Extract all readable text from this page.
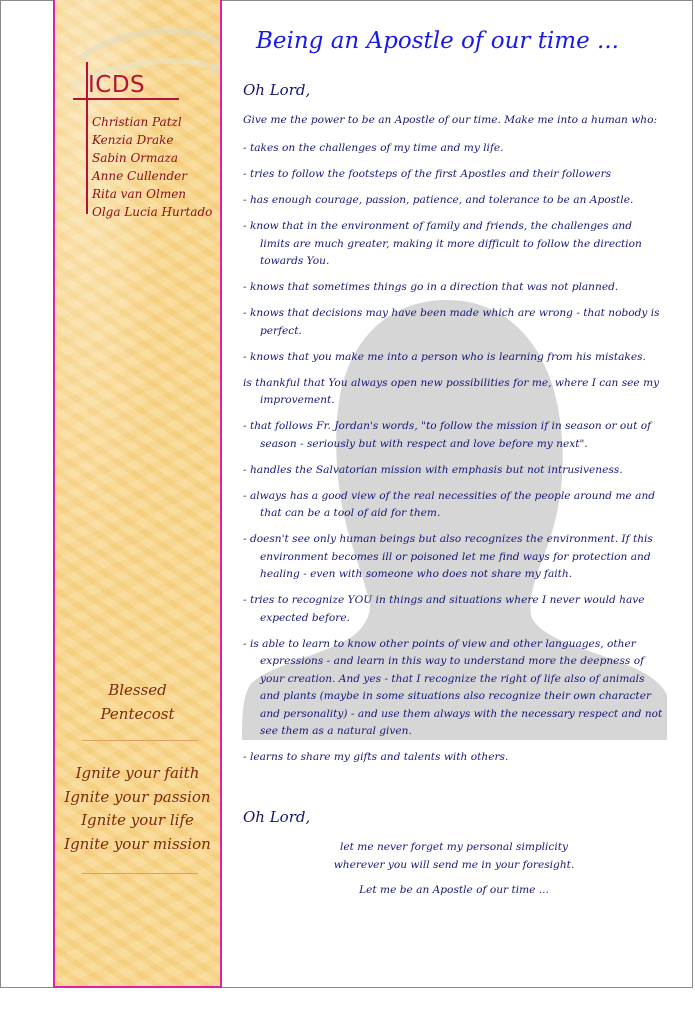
ICDS
Christian Patzl
Kenzia Drake
Sabin Ormaza
Anne Cullender
Rita van Olmen
Olga Lucia Hurtado
Blessed
Pentecost
Ignite your faith
Ignite your passion
Ignite your life
Ignite your mission
Being an Apostle of our time ...
Oh Lord,

Give me the power to be an Apostle of our time. Make me into a human who:

- takes on the challenges of my time and my life.
- tries to follow the footsteps of the first Apostles and their followers
- has enough courage, passion, patience, and tolerance to be an Apostle.
- know that in the environment of family and friends, the challenges and limits are much greater, making it more difficult to follow the direction towards You.
- knows that sometimes things go in a direction that was not planned.
- knows that decisions may have been made which are wrong - that nobody is perfect.
- knows that you make me into a person who is learning from his mistakes.
is thankful that You always open new possibilities for me, where I can see my improvement.
- that follows Fr. Jordan's words, "to follow the mission if in season or out of season - seriously but with respect and love before my next".
- handles the Salvatorian mission with emphasis but not intrusiveness.
- always has a good view of the real necessities of the people around me and that can be a tool of aid for them.
- doesn't see only human beings but also recognizes the environment. If this environment becomes ill or poisoned let me find ways for protection and healing - even with someone who does not share my faith.
- tries to recognize YOU in things and situations where I never would have expected before.
- is able to learn to know other points of view and other languages, other expressions - and learn in this way to understand more the deepness of your creation. And yes - that I recognize the right of life also of animals and plants (maybe in some situations also recognize their own character and personality) - and use them always with the necessary respect and not see them as a natural given.
- learns to share my gifts and talents with others.
Oh Lord,

let me never forget my personal simplicity
wherever you will send me in your foresight.

Let me be an Apostle of our time ...
